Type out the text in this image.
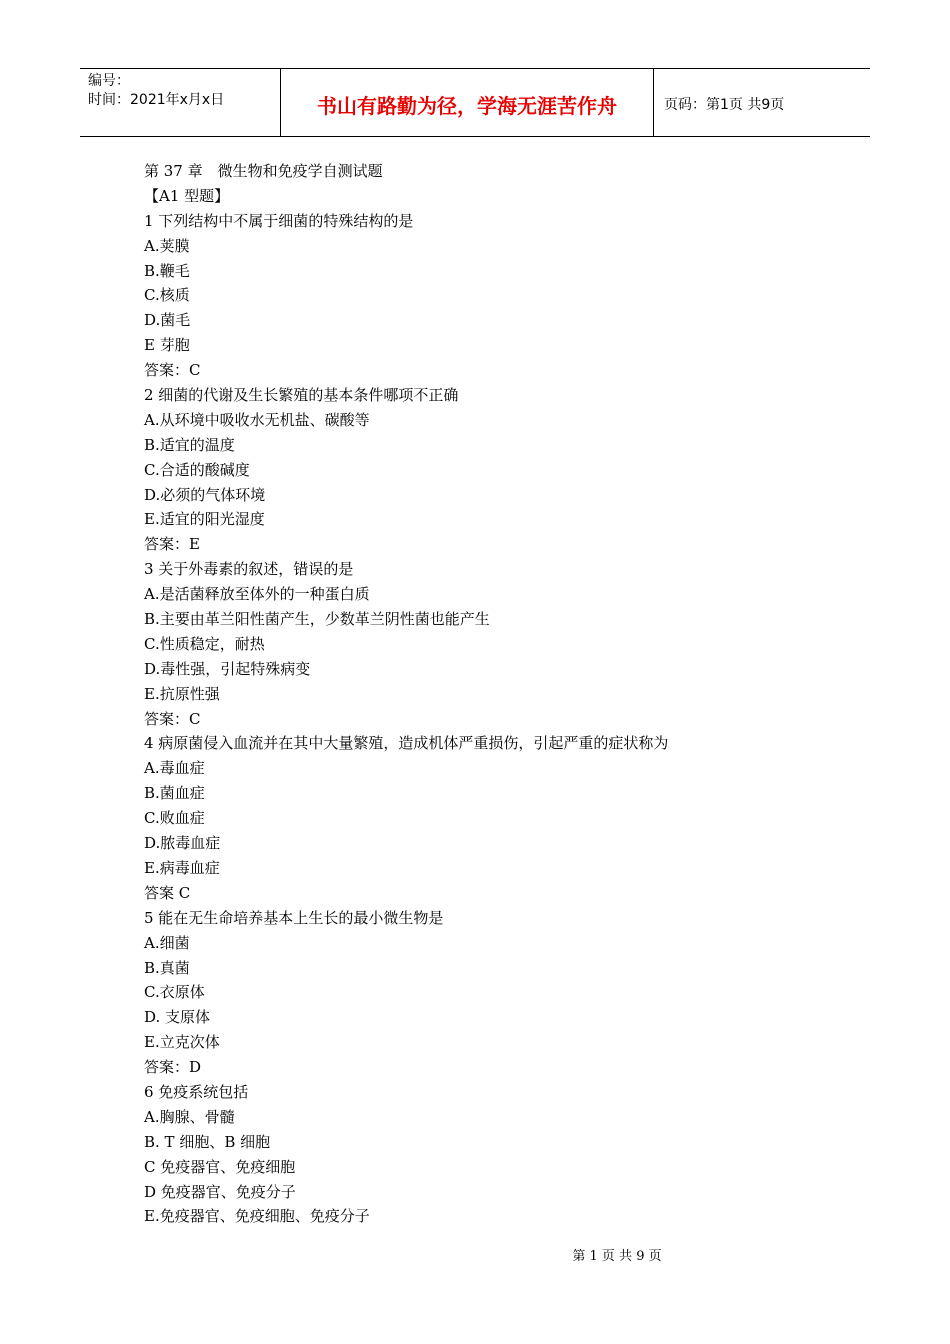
编号：
时间：2021年x月x日	书山有路勤为径，学海无涯苦作舟	页码：第1页 共9页
第 37 章　微生物和免疫学自测试题
【A1 型题】
1 下列结构中不属于细菌的特殊结构的是
A.荚膜
B.鞭毛
C.核质
D.菌毛
E 芽胞
答案：C
2 细菌的代谢及生长繁殖的基本条件哪项不正确
A.从环境中吸收水无机盐、碳酸等
B.适宜的温度
C.合适的酸碱度
D.必须的气体环境
E.适宜的阳光湿度
答案：E
3 关于外毒素的叙述，错误的是
A.是活菌释放至体外的一种蛋白质
B.主要由革兰阳性菌产生，少数革兰阴性菌也能产生
C.性质稳定，耐热
D.毒性强，引起特殊病变
E.抗原性强
答案：C
4 病原菌侵入血流并在其中大量繁殖，造成机体严重损伤，引起严重的症状称为
A.毒血症
B.菌血症
C.败血症
D.脓毒血症
E.病毒血症
答案 C
5 能在无生命培养基本上生长的最小微生物是
A.细菌
B.真菌
C.衣原体
D. 支原体
E.立克次体
答案：D
6 免疫系统包括
A.胸腺、骨髓
B. T 细胞、B 细胞
C 免疫器官、免疫细胞
D 免疫器官、免疫分子
E.免疫器官、免疫细胞、免疫分子
第 1 页 共 9 页
